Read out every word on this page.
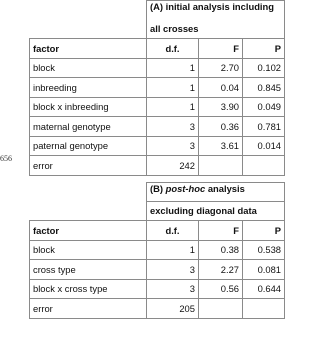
656
	(A) initial analysis including		
	all crosses		
factor	d.f.	F	P
block	1	2.70	0.102
inbreeding	1	0.04	0.845
block x inbreeding	1	3.90	0.049
maternal genotype	3	0.36	0.781
paternal genotype	3	3.61	0.014
error	242		
	(B) post-hoc analysis		
	excluding diagonal data		
factor	d.f.	F	P
block	1	0.38	0.538
cross type	3	2.27	0.081
block x cross type	3	0.56	0.644
error	205		
